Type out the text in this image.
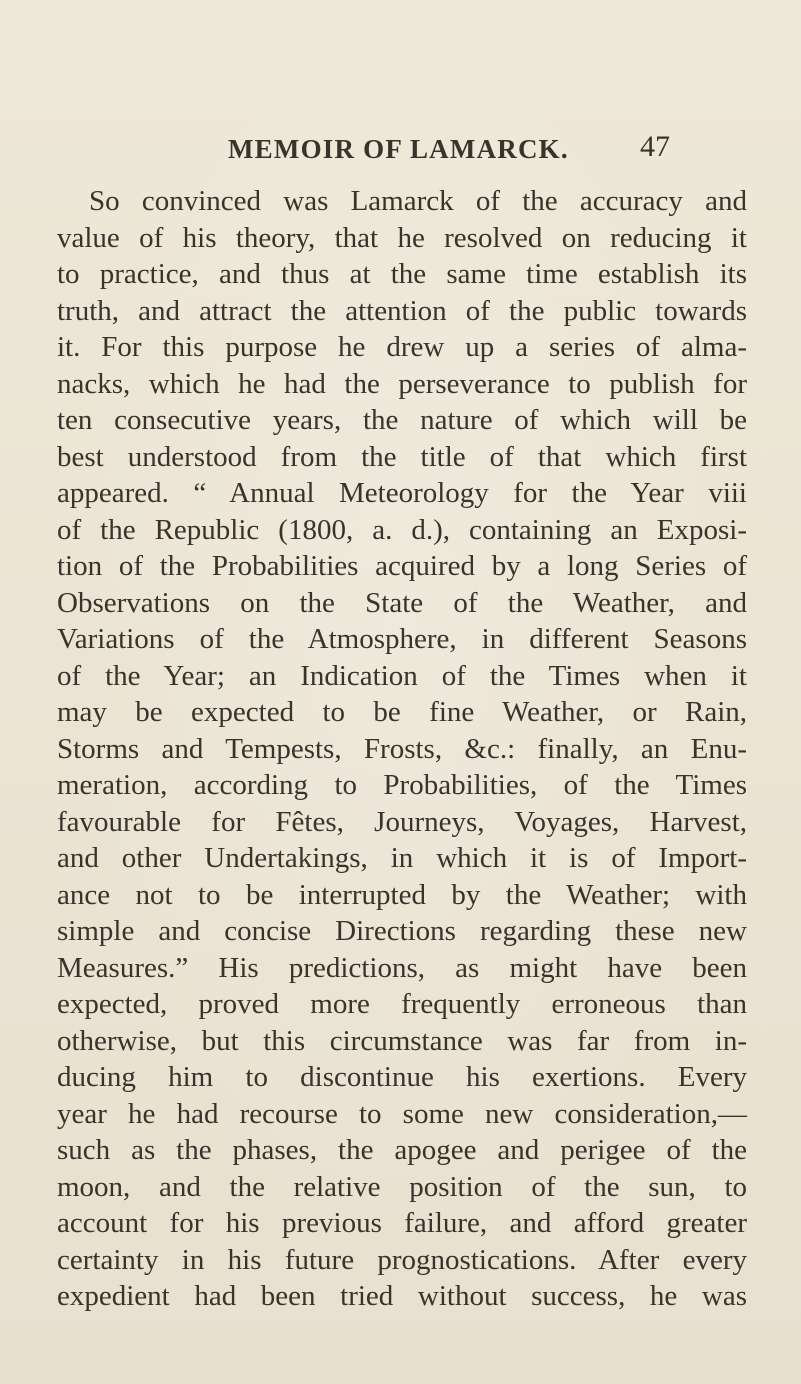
MEMOIR OF LAMARCK. 47
So convinced was Lamarck of the accuracy and
value of his theory, that he resolved on reducing it
to practice, and thus at the same time establish its
truth, and attract the attention of the public towards
it. For this purpose he drew up a series of alma-
nacks, which he had the perseverance to publish for
ten consecutive years, the nature of which will be
best understood from the title of that which first
appeared. “ Annual Meteorology for the Year viii
of the Republic (1800, a. d.), containing an Exposi-
tion of the Probabilities acquired by a long Series of
Observations on the State of the Weather, and
Variations of the Atmosphere, in different Seasons
of the Year; an Indication of the Times when it
may be expected to be fine Weather, or Rain,
Storms and Tempests, Frosts, &c.: finally, an Enu-
meration, according to Probabilities, of the Times
favourable for Fêtes, Journeys, Voyages, Harvest,
and other Undertakings, in which it is of Import-
ance not to be interrupted by the Weather; with
simple and concise Directions regarding these new
Measures.” His predictions, as might have been
expected, proved more frequently erroneous than
otherwise, but this circumstance was far from in-
ducing him to discontinue his exertions. Every
year he had recourse to some new consideration,—
such as the phases, the apogee and perigee of the
moon, and the relative position of the sun, to
account for his previous failure, and afford greater
certainty in his future prognostications. After every
expedient had been tried without success, he was
